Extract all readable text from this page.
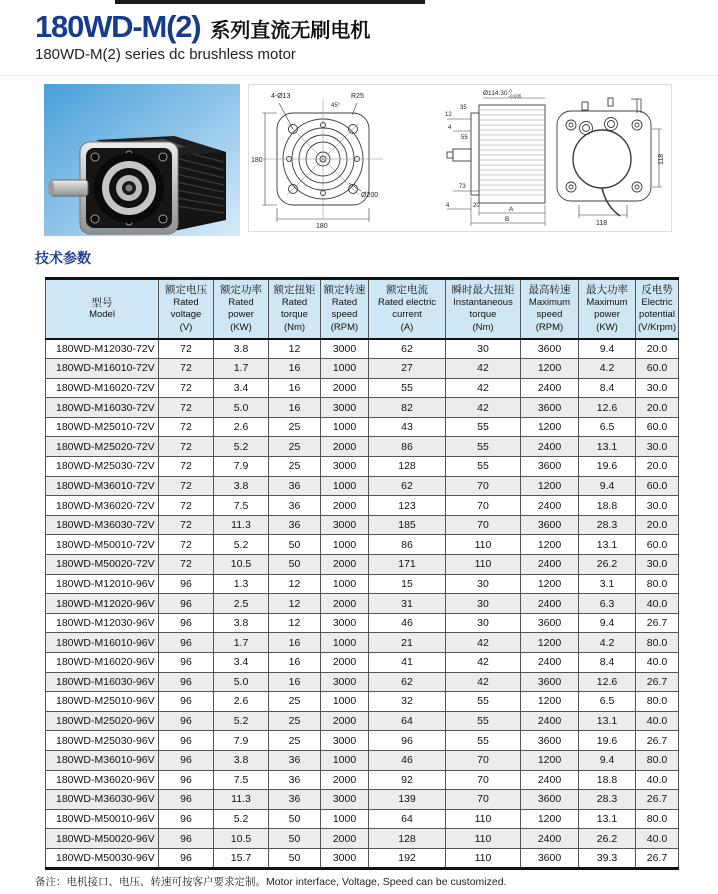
180WD-M(2) 系列直流无刷电机
180WD-M(2) series dc brushless motor
4-Ø13	R25
45°
180
180
Ø200
Ø114.30 $^0$ -0.035
12
35
4
55
73
4	20	A
B
118
118
技术参数
型号
Model

额定电压
Rated
voltage
(V)

额定功率
Rated
power
(KW)

额定扭矩
Rated
torque
(Nm)

额定转速
Rated
speed
(RPM)

额定电流
Rated electric
current
(A)

瞬时最大扭矩
Instantaneous
torque
(Nm)

最高转速
Maximum
speed
(RPM)

最大功率
Maximum
power
(KW)

反电势
Electric
potential
(V/Krpm)

180WD-M12030-72V	72	3.8	12	3000	62	30	3600	9.4	20.0
180WD-M16010-72V	72	1.7	16	1000	27	42	1200	4.2	60.0
180WD-M16020-72V	72	3.4	16	2000	55	42	2400	8.4	30.0
180WD-M16030-72V	72	5.0	16	3000	82	42	3600	12.6	20.0
180WD-M25010-72V	72	2.6	25	1000	43	55	1200	6.5	60.0
180WD-M25020-72V	72	5.2	25	2000	86	55	2400	13.1	30.0
180WD-M25030-72V	72	7.9	25	3000	128	55	3600	19.6	20.0
180WD-M36010-72V	72	3.8	36	1000	62	70	1200	9.4	60.0
180WD-M36020-72V	72	7.5	36	2000	123	70	2400	18.8	30.0
180WD-M36030-72V	72	11.3	36	3000	185	70	3600	28.3	20.0
180WD-M50010-72V	72	5.2	50	1000	86	110	1200	13.1	60.0
180WD-M50020-72V	72	10.5	50	2000	171	110	2400	26.2	30.0
180WD-M12010-96V	96	1.3	12	1000	15	30	1200	3.1	80.0
180WD-M12020-96V	96	2.5	12	2000	31	30	2400	6.3	40.0
180WD-M12030-96V	96	3.8	12	3000	46	30	3600	9.4	26.7
180WD-M16010-96V	96	1.7	16	1000	21	42	1200	4.2	80.0
180WD-M16020-96V	96	3.4	16	2000	41	42	2400	8.4	40.0
180WD-M16030-96V	96	5.0	16	3000	62	42	3600	12.6	26.7
180WD-M25010-96V	96	2.6	25	1000	32	55	1200	6.5	80.0
180WD-M25020-96V	96	5.2	25	2000	64	55	2400	13.1	40.0
180WD-M25030-96V	96	7.9	25	3000	96	55	3600	19.6	26.7
180WD-M36010-96V	96	3.8	36	1000	46	70	1200	9.4	80.0
180WD-M36020-96V	96	7.5	36	2000	92	70	2400	18.8	40.0
180WD-M36030-96V	96	11.3	36	3000	139	70	3600	28.3	26.7
180WD-M50010-96V	96	5.2	50	1000	64	110	1200	13.1	80.0
180WD-M50020-96V	96	10.5	50	2000	128	110	2400	26.2	40.0
180WD-M50030-96V	96	15.7	50	3000	192	110	3600	39.3	26.7
备注：电机接口、电压、转速可按客户要求定制。Motor interface, Voltage, Speed can be customized.
